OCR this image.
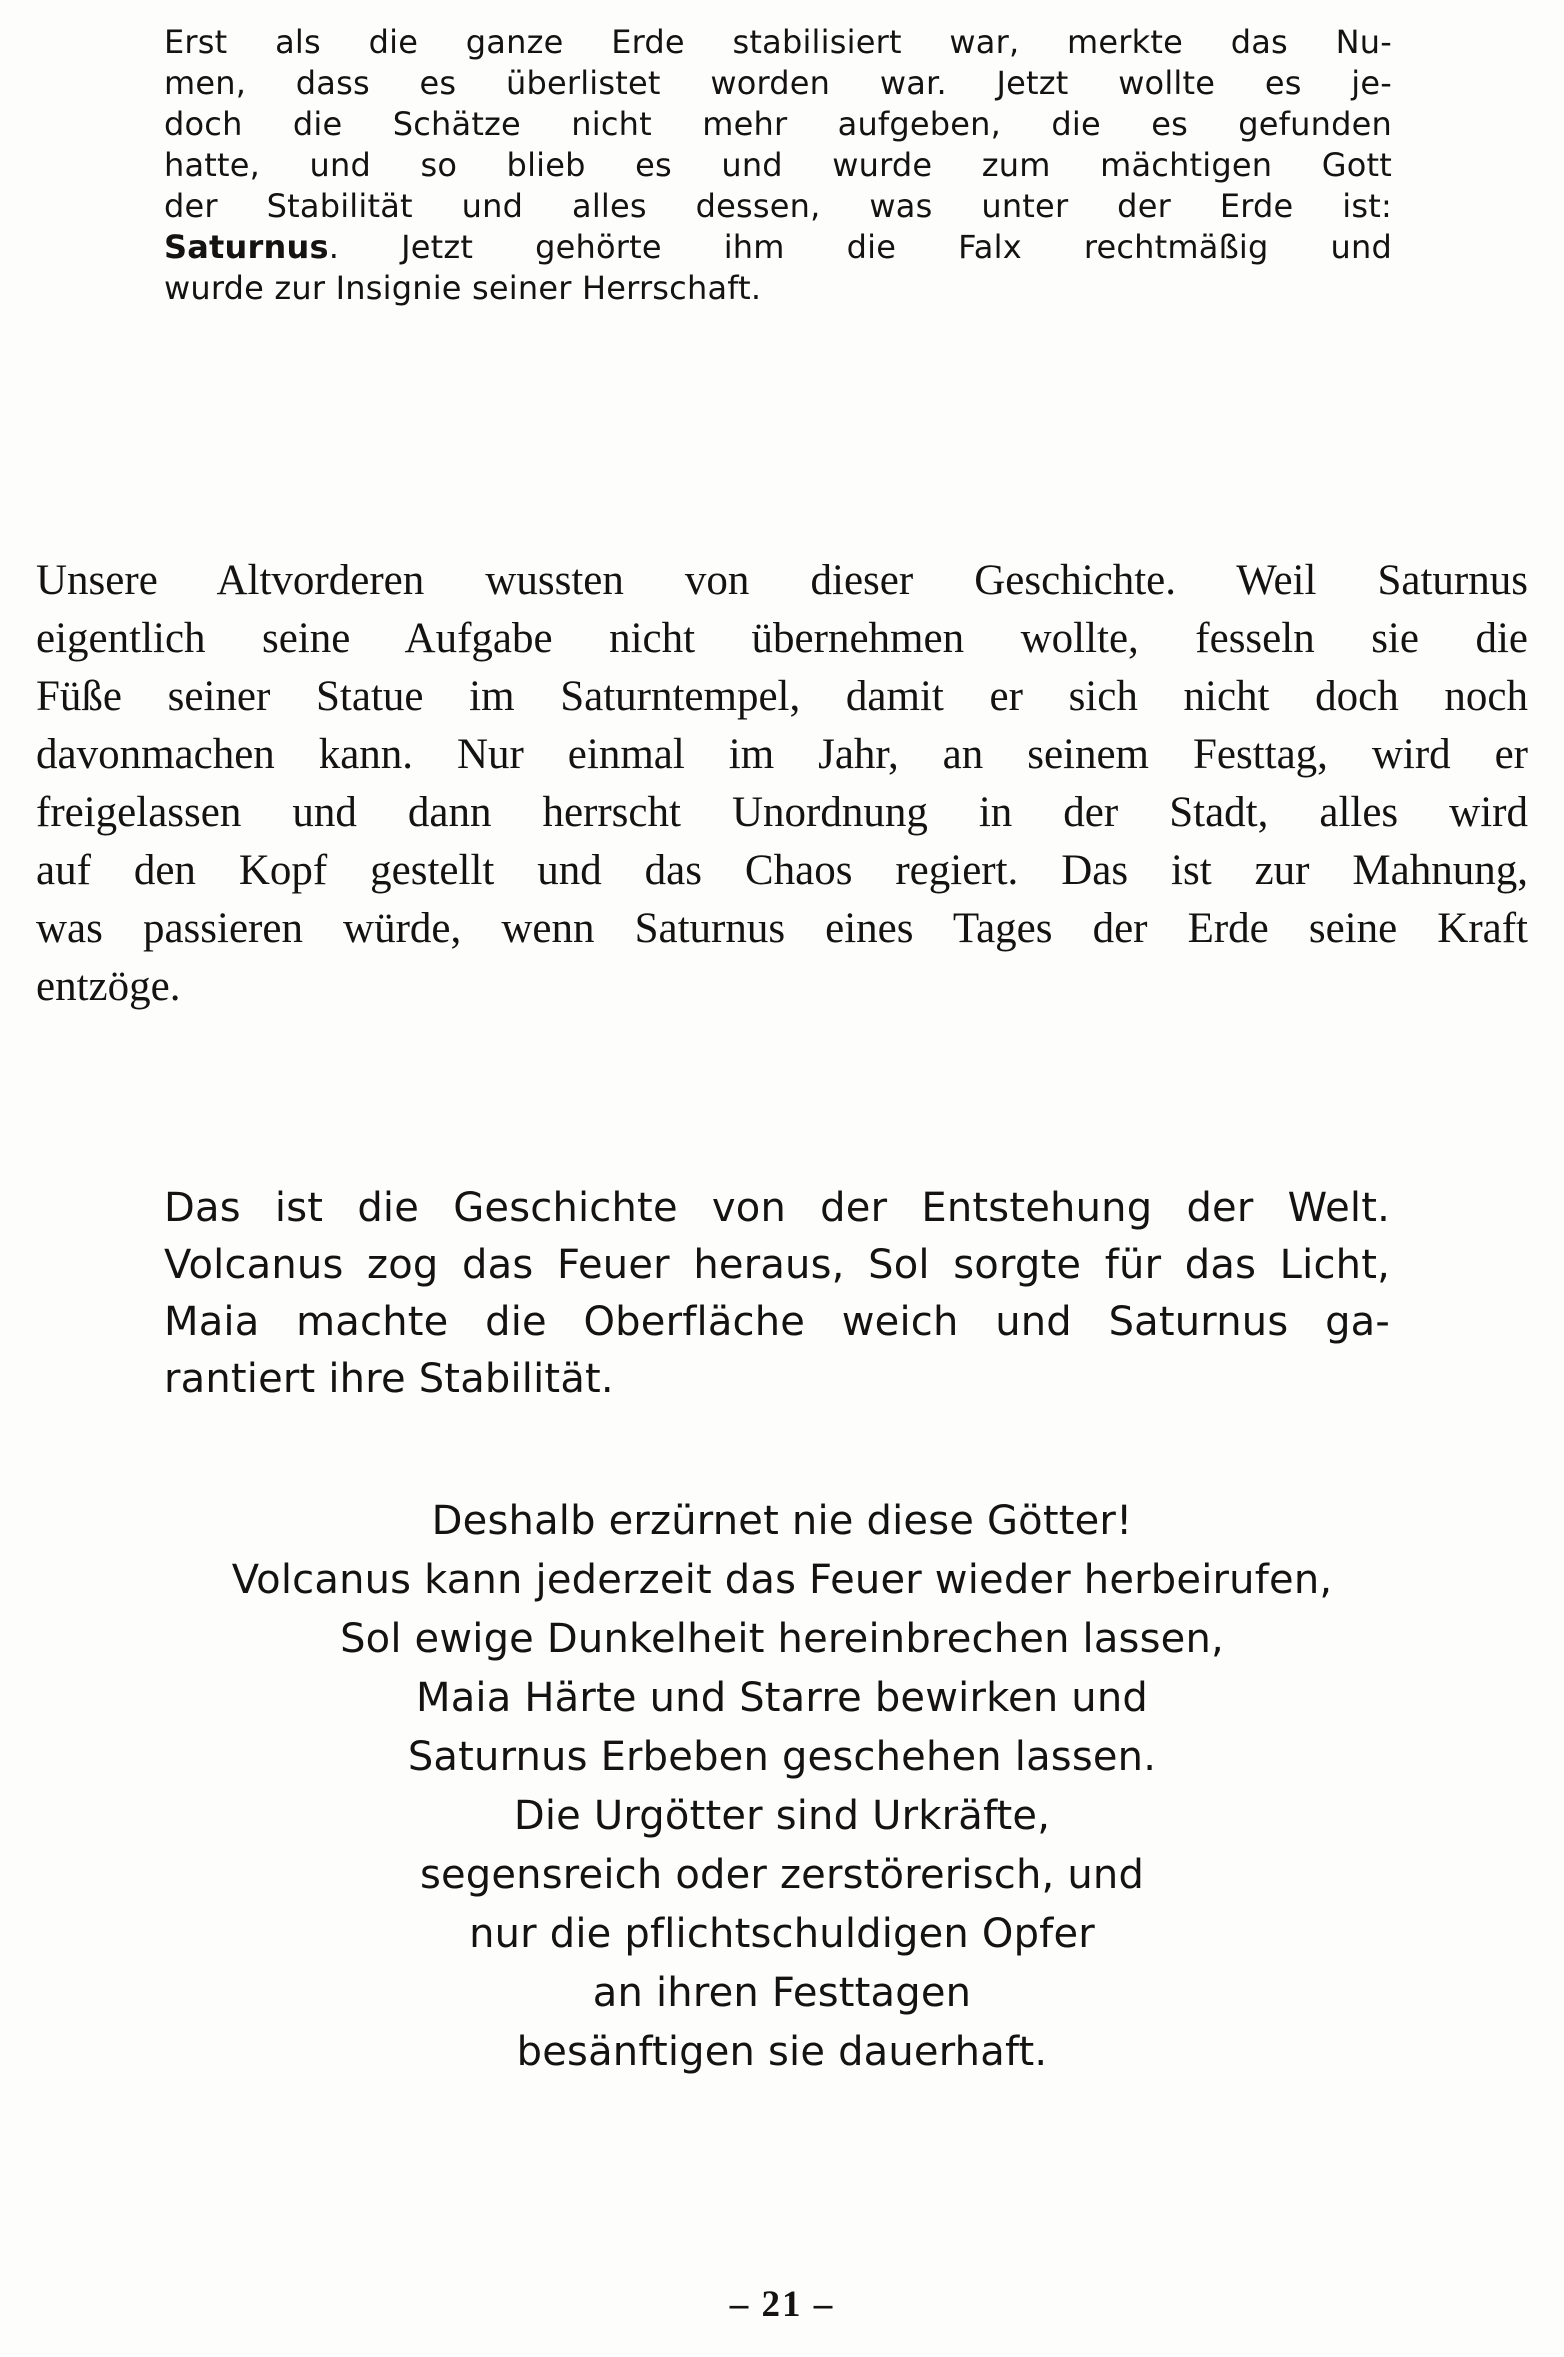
Erst als die ganze Erde stabilisiert war, merkte das Nu-
men, dass es überlistet worden war. Jetzt wollte es je-
doch die Schätze nicht mehr aufgeben, die es gefunden
hatte, und so blieb es und wurde zum mächtigen Gott
der Stabilität und alles dessen, was unter der Erde ist:
Saturnus. Jetzt gehörte ihm die Falx rechtmäßig und
wurde zur Insignie seiner Herrschaft.
Unsere Altvorderen wussten von dieser Geschichte. Weil Saturnus
eigentlich seine Aufgabe nicht übernehmen wollte, fesseln sie die
Füße seiner Statue im Saturntempel, damit er sich nicht doch noch
davonmachen kann. Nur einmal im Jahr, an seinem Festtag, wird er
freigelassen und dann herrscht Unordnung in der Stadt, alles wird
auf den Kopf gestellt und das Chaos regiert. Das ist zur Mahnung,
was passieren würde, wenn Saturnus eines Tages der Erde seine Kraft
entzöge.
Das ist die Geschichte von der Entstehung der Welt.
Volcanus zog das Feuer heraus, Sol sorgte für das Licht,
Maia machte die Oberfläche weich und Saturnus ga-
rantiert ihre Stabilität.
Deshalb erzürnet nie diese Götter!
Volcanus kann jederzeit das Feuer wieder herbeirufen,
Sol ewige Dunkelheit hereinbrechen lassen,
Maia Härte und Starre bewirken und
Saturnus Erbeben geschehen lassen.
Die Urgötter sind Urkräfte,
segensreich oder zerstörerisch, und
nur die pflichtschuldigen Opfer
an ihren Festtagen
besänftigen sie dauerhaft.
– 21 –
